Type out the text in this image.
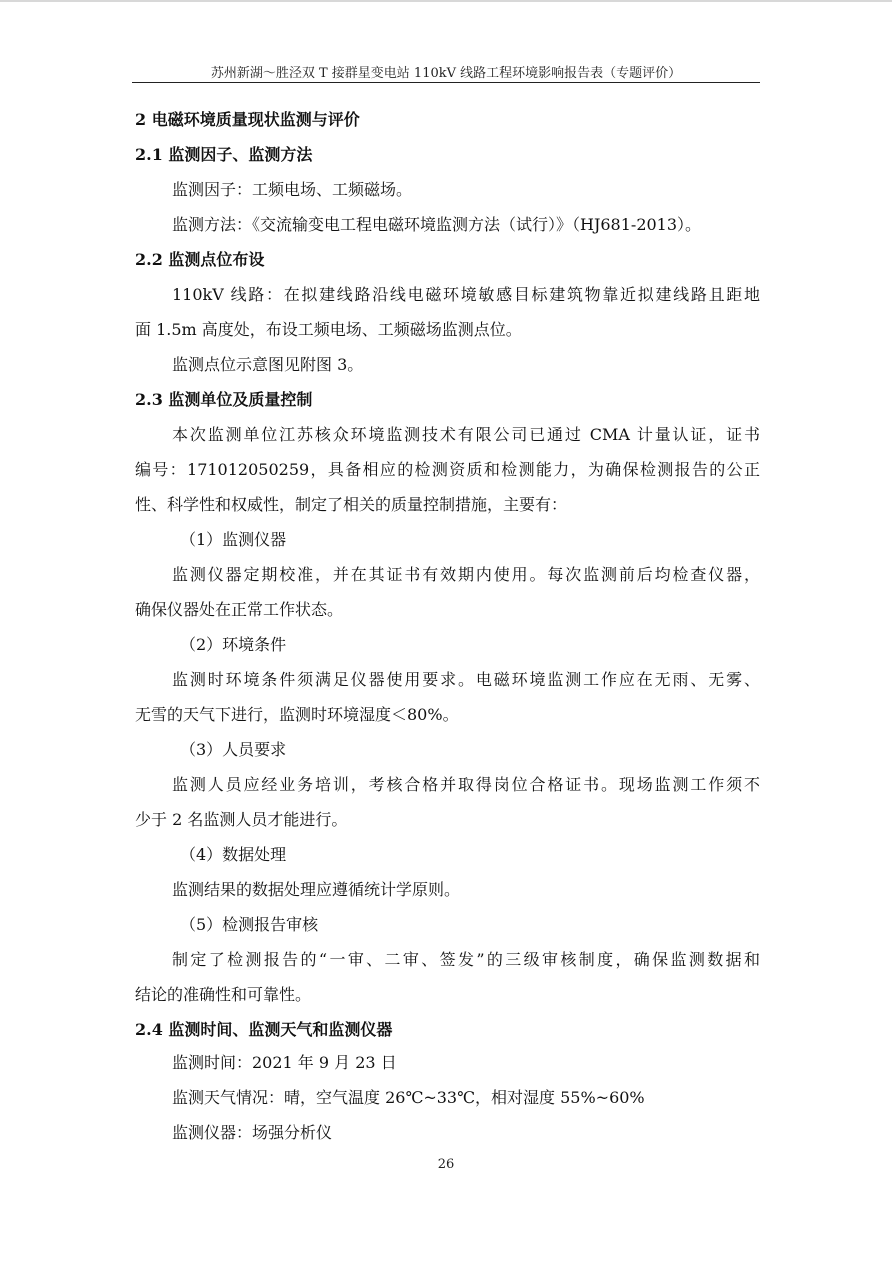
苏州新湖～胜泾双 T 接群星变电站 110kV 线路工程环境影响报告表（专题评价）
2 电磁环境质量现状监测与评价
2.1 监测因子、监测方法
监测因子：工频电场、工频磁场。
监测方法：《交流输变电工程电磁环境监测方法（试行）》（HJ681-2013）。
2.2 监测点位布设
110kV 线路：在拟建线路沿线电磁环境敏感目标建筑物靠近拟建线路且距地
面 1.5m 高度处，布设工频电场、工频磁场监测点位。
监测点位示意图见附图 3。
2.3 监测单位及质量控制
本次监测单位江苏核众环境监测技术有限公司已通过 CMA 计量认证，证书
编号：171012050259，具备相应的检测资质和检测能力，为确保检测报告的公正
性、科学性和权威性，制定了相关的质量控制措施，主要有：
（1）监测仪器
监测仪器定期校准，并在其证书有效期内使用。每次监测前后均检查仪器，
确保仪器处在正常工作状态。
（2）环境条件
监测时环境条件须满足仪器使用要求。电磁环境监测工作应在无雨、无雾、
无雪的天气下进行，监测时环境湿度＜80%。
（3）人员要求
监测人员应经业务培训，考核合格并取得岗位合格证书。现场监测工作须不
少于 2 名监测人员才能进行。
（4）数据处理
监测结果的数据处理应遵循统计学原则。
（5）检测报告审核
制定了检测报告的“一审、二审、签发”的三级审核制度，确保监测数据和
结论的准确性和可靠性。
2.4 监测时间、监测天气和监测仪器
监测时间：2021 年 9 月 23 日
监测天气情况：晴，空气温度 26℃~33℃，相对湿度 55%~60%
监测仪器：场强分析仪
26
